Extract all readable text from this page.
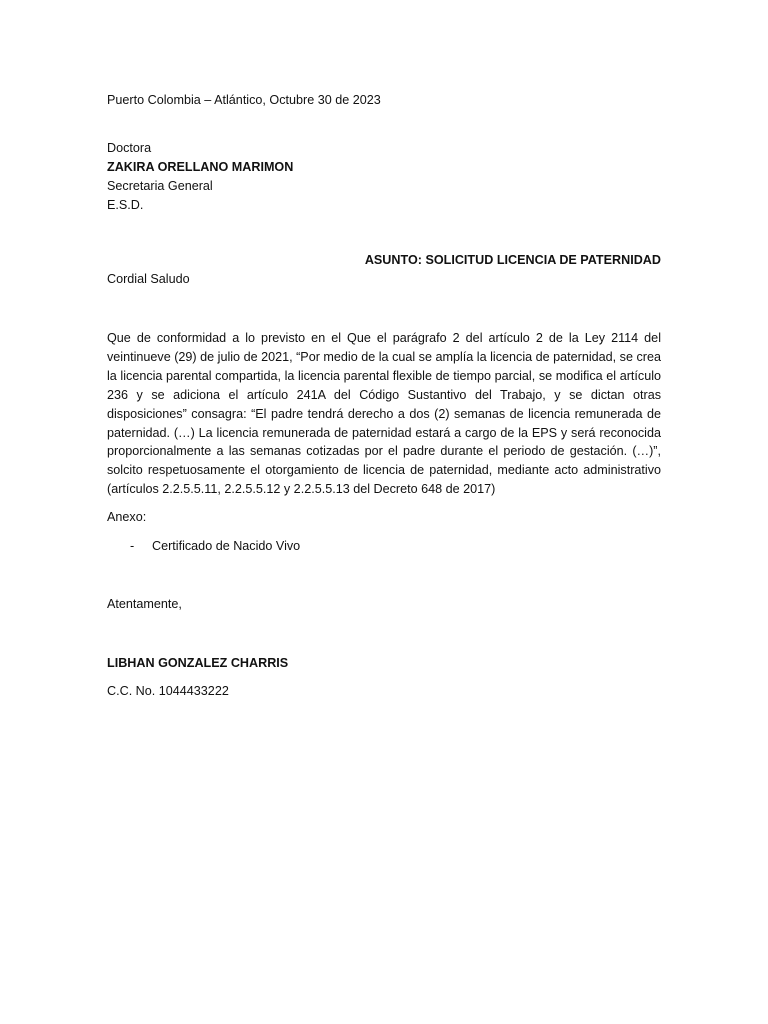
Puerto Colombia – Atlántico, Octubre 30 de 2023
Doctora
ZAKIRA ORELLANO MARIMON
Secretaria General
E.S.D.
ASUNTO: SOLICITUD LICENCIA DE PATERNIDAD
Cordial Saludo
Que de conformidad a lo previsto en el Que el parágrafo 2 del artículo 2 de la Ley 2114 del veintinueve (29) de julio de 2021, “Por medio de la cual se amplía la licencia de paternidad, se crea la licencia parental compartida, la licencia parental flexible de tiempo parcial, se modifica el artículo 236 y se adiciona el artículo 241A del Código Sustantivo del Trabajo, y se dictan otras disposiciones” consagra: “El padre tendrá derecho a dos (2) semanas de licencia remunerada de paternidad. (…) La licencia remunerada de paternidad estará a cargo de la EPS y será reconocida proporcionalmente a las semanas cotizadas por el padre durante el periodo de gestación. (…)”, solcito respetuosamente el otorgamiento de licencia de paternidad, mediante acto administrativo (artículos 2.2.5.5.11, 2.2.5.5.12 y 2.2.5.5.13 del Decreto 648 de 2017)
Anexo:
- Certificado de Nacido Vivo
Atentamente,
LIBHAN GONZALEZ CHARRIS
C.C. No. 1044433222
